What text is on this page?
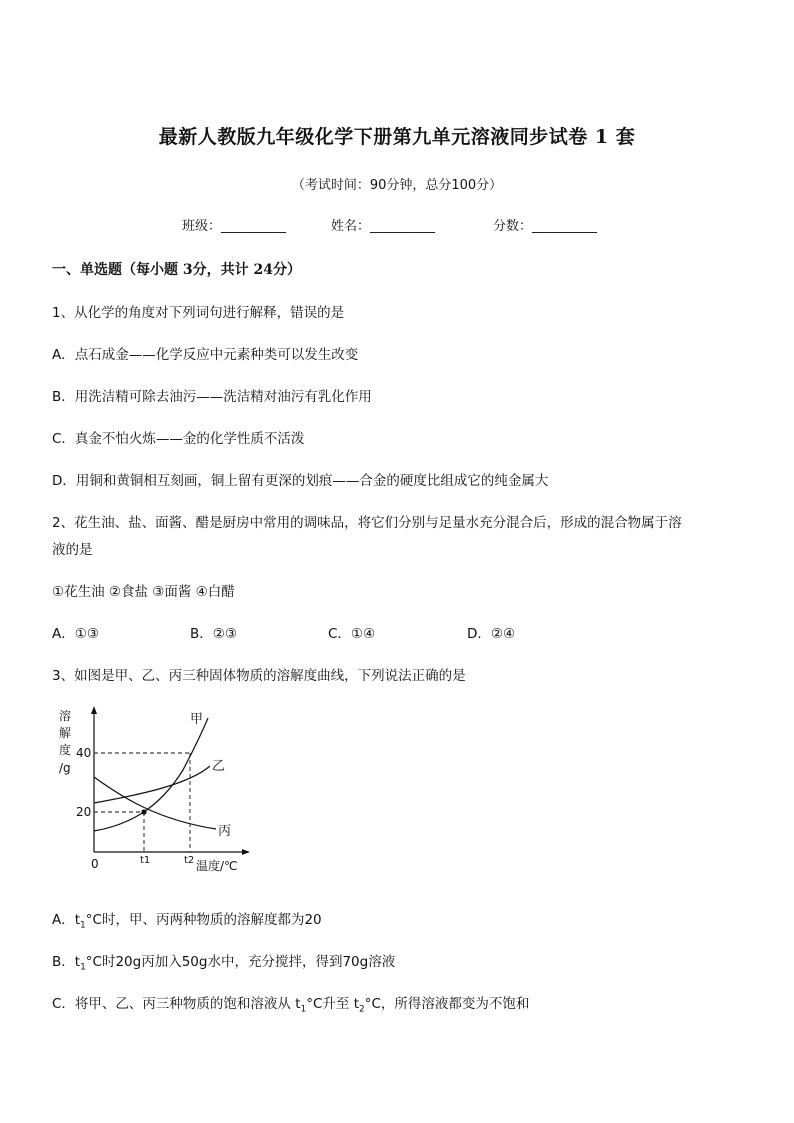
最新人教版九年级化学下册第九单元溶液同步试卷 1 套
（考试时间：90分钟，总分100分）
班级：__________	姓名：__________	分数：__________
一、单选题（每小题 3分，共计 24分）
1、从化学的角度对下列词句进行解释，错误的是
A．点石成金——化学反应中元素种类可以发生改变
B．用洗洁精可除去油污——洗洁精对油污有乳化作用
C．真金不怕火炼——金的化学性质不活泼
D．用铜和黄铜相互刻画，铜上留有更深的划痕——合金的硬度比组成它的纯金属大
2、花生油、盐、面酱、醋是厨房中常用的调味品，将它们分别与足量水充分混合后，形成的混合物属于溶
液的是
①花生油 ②食盐 ③面酱 ④白醋
A．①③	B．②③	C．①④	D．②④
3、如图是甲、乙、丙三种固体物质的溶解度曲线，下列说法正确的是
溶
解
度
/g
40
20
0	t1	t2 温度/℃
甲
乙
丙
A．$t_1^\circ C$时，甲、丙两种物质的溶解度都为20
B．$t_1^\circ C$时20g丙加入50g水中，充分搅拌，得到70g溶液
C．将甲、乙、丙三种物质的饱和溶液从 $t_1^\circ C$升至 $t_2^\circ C$，所得溶液都变为不饱和
